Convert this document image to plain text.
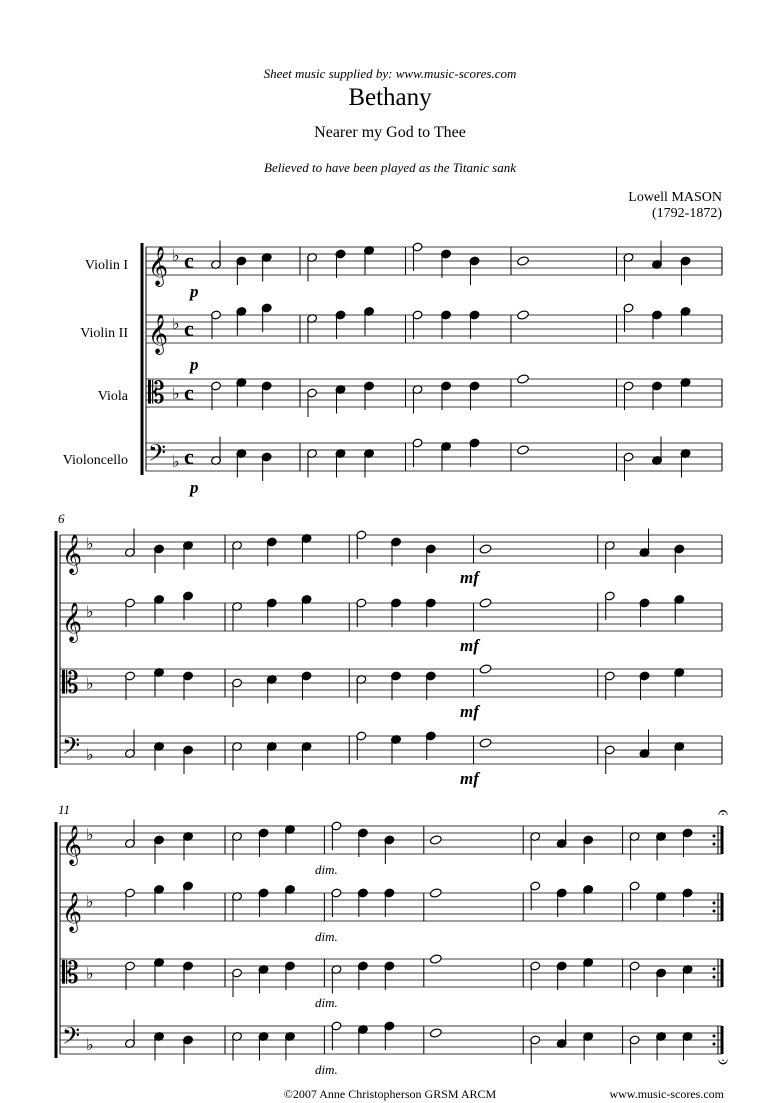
Sheet music supplied by: www.music-scores.com
Bethany
Nearer my God to Thee
Believed to have been played as the Titanic sank
Lowell MASON
(1792-1872)
Violin I
Violin II
Viola
Violoncello
𝄞 ♭ c
𝄞 ♭ c
𝄡 ♭ c
𝄢 ♭ c
𝄞 ♭
𝄞 ♭
𝄡 ♭
𝄢 ♭
6
𝄞 ♭
𝄞 ♭
𝄡 ♭
𝄢 ♭
𝄐
𝄑
11
p
p
p
mf
mf
mf
mf
dim.
dim.
dim.
dim.
©2007 Anne Christopherson GRSM ARCM	www.music-scores.com
